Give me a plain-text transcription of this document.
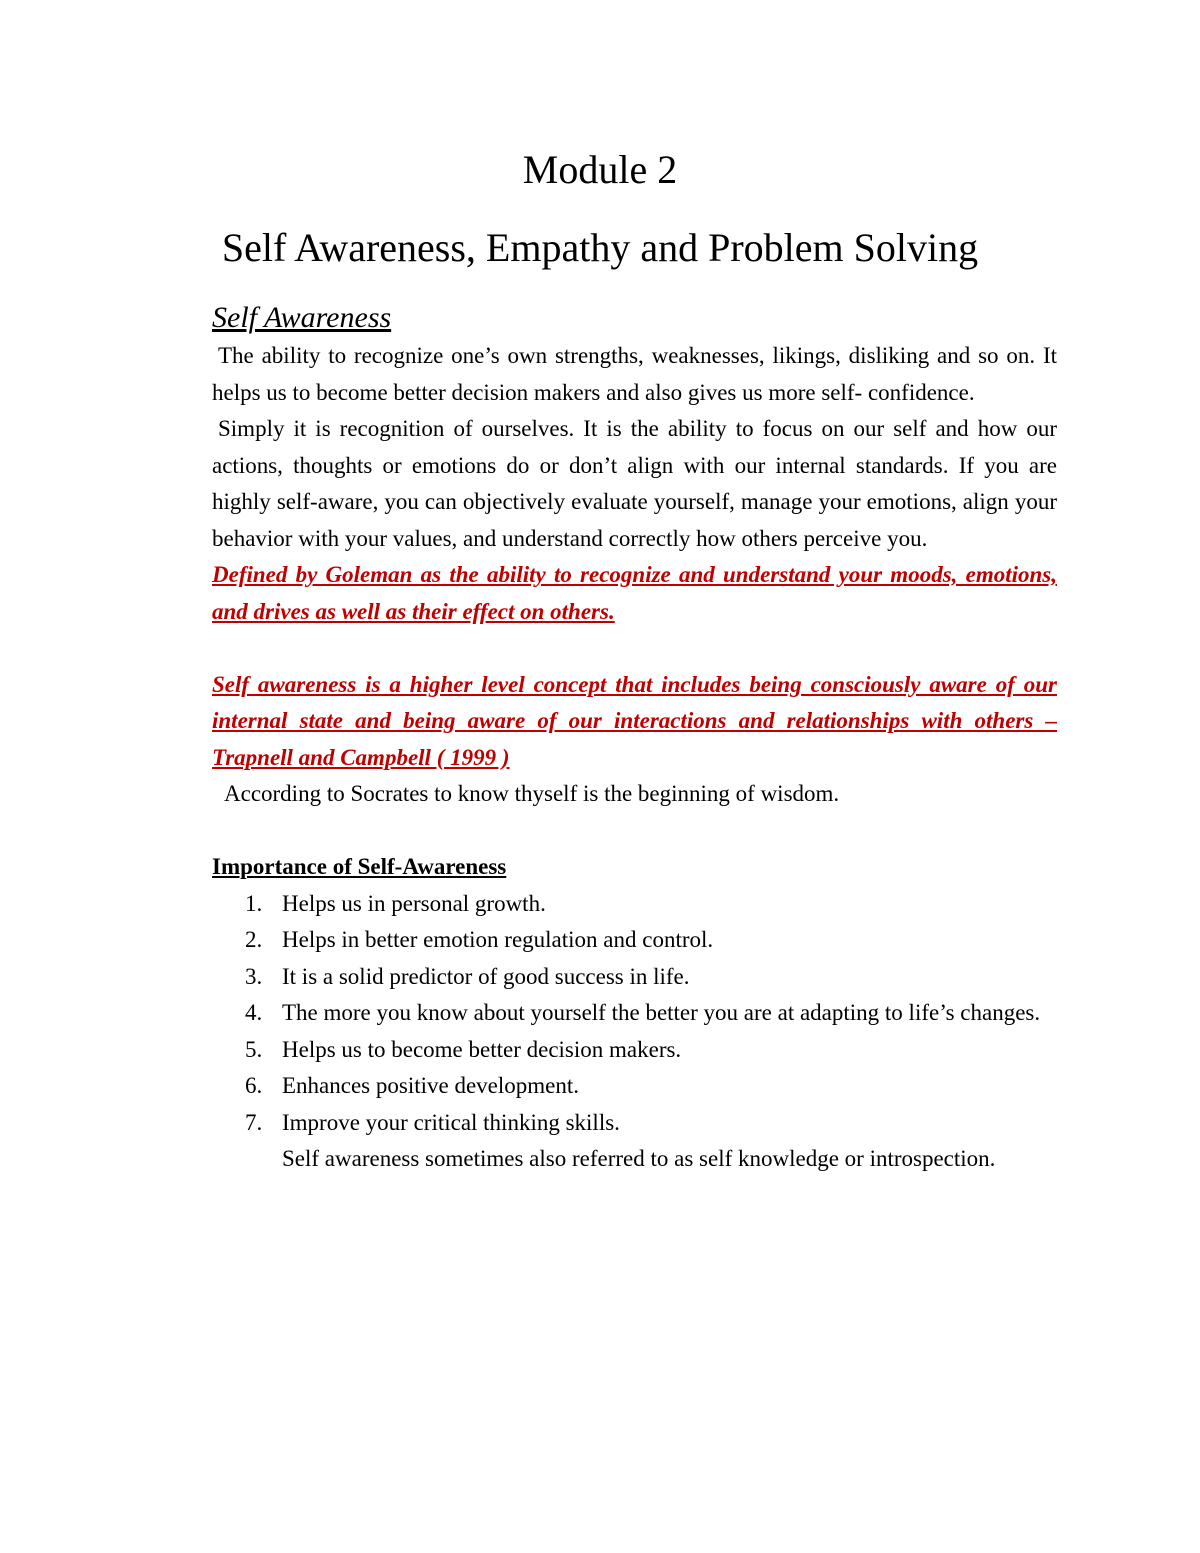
Module 2
Self Awareness, Empathy and Problem Solving
Self Awareness

The ability to recognize one’s own strengths, weaknesses, likings, disliking and so on. It helps us to become better decision makers and also gives us more self- confidence.

Simply it is recognition of ourselves. It is the ability to focus on our self and how our actions, thoughts or emotions do or don’t align with our internal standards. If you are highly self-aware, you can objectively evaluate yourself, manage your emotions, align your behavior with your values, and understand correctly how others perceive you.

Defined by Goleman as the ability to recognize and understand your moods, emotions, and drives as well as their effect on others.

Self awareness is a higher level concept that includes being consciously aware of our internal state and being aware of our interactions and relationships with others – Trapnell and Campbell ( 1999 )

According to Socrates to know thyself is the beginning of wisdom.

Importance of Self-Awareness

1. Helps us in personal growth.
2. Helps in better emotion regulation and control.
3. It is a solid predictor of good success in life.
4. The more you know about yourself the better you are at adapting to life’s changes.
5. Helps us to become better decision makers.
6. Enhances positive development.
7. Improve your critical thinking skills.

Self awareness sometimes also referred to as self knowledge or introspection.
